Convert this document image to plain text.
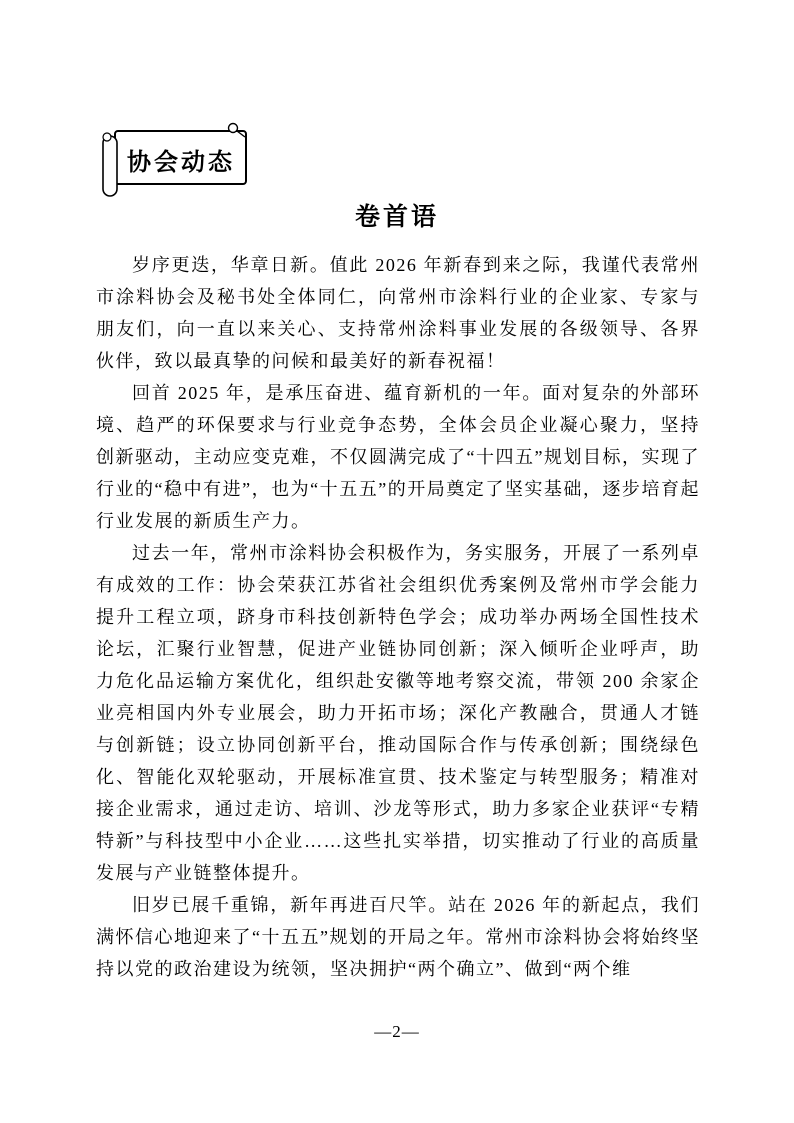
协会动态
卷首语

岁序更迭，华章日新。值此 2026 年新春到来之际，我谨代表常州市涂料协会及秘书处全体同仁，向常州市涂料行业的企业家、专家与朋友们，向一直以来关心、支持常州涂料事业发展的各级领导、各界伙伴，致以最真挚的问候和最美好的新春祝福！

回首 2025 年，是承压奋进、蕴育新机的一年。面对复杂的外部环境、趋严的环保要求与行业竞争态势，全体会员企业凝心聚力，坚持创新驱动，主动应变克难，不仅圆满完成了“十四五”规划目标，实现了行业的“稳中有进”，也为“十五五”的开局奠定了坚实基础，逐步培育起行业发展的新质生产力。

过去一年，常州市涂料协会积极作为，务实服务，开展了一系列卓有成效的工作：协会荣获江苏省社会组织优秀案例及常州市学会能力提升工程立项，跻身市科技创新特色学会；成功举办两场全国性技术论坛，汇聚行业智慧，促进产业链协同创新；深入倾听企业呼声，助力危化品运输方案优化，组织赴安徽等地考察交流，带领 200 余家企业亮相国内外专业展会，助力开拓市场；深化产教融合，贯通人才链与创新链；设立协同创新平台，推动国际合作与传承创新；围绕绿色化、智能化双轮驱动，开展标准宣贯、技术鉴定与转型服务；精准对接企业需求，通过走访、培训、沙龙等形式，助力多家企业获评“专精特新”与科技型中小企业……这些扎实举措，切实推动了行业的高质量发展与产业链整体提升。

旧岁已展千重锦，新年再进百尺竿。站在 2026 年的新起点，我们满怀信心地迎来了“十五五”规划的开局之年。常州市涂料协会将始终坚持以党的政治建设为统领，坚决拥护“两个确立”、做到“两个维

—2—
